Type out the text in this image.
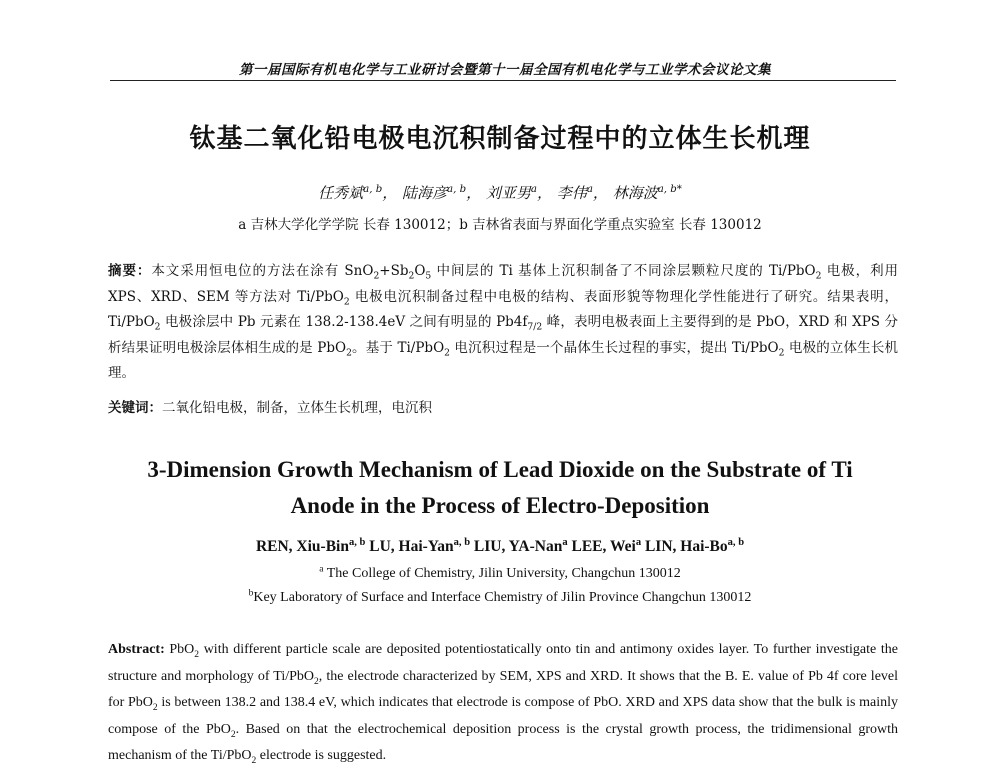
第一届国际有机电化学与工业研讨会暨第十一届全国有机电化学与工业学术会议论文集
钛基二氧化铅电极电沉积制备过程中的立体生长机理
任秀斌$^{a, b}$， 陆海彦$^{a, b}$， 刘亚男$^a$， 李伟$^a$， 林海波$^{a, b*}$
a 吉林大学化学学院 长春 130012；b 吉林省表面与界面化学重点实验室 长春 130012
摘要：本文采用恒电位的方法在涂有 $SnO_2+Sb_2O_5$ 中间层的 Ti 基体上沉积制备了不同涂层颗粒尺度的 Ti/PbO$_2$ 电极，利用 XPS、XRD、SEM 等方法对 Ti/PbO$_2$ 电极电沉积制备过程中电极的结构、表面形貌等物理化学性能进行了研究。结果表明，Ti/PbO$_2$ 电极涂层中 Pb 元素在 138.2-138.4eV 之间有明显的 $Pb4f_{7/2}$ 峰，表明电极表面上主要得到的是 PbO，XRD 和 XPS 分析结果证明电极涂层体相生成的是 PbO$_2$。基于 Ti/PbO$_2$ 电沉积过程是一个晶体生长过程的事实，提出 Ti/PbO$_2$ 电极的立体生长机理。
关键词：二氧化铅电极，制备，立体生长机理，电沉积
3-Dimension Growth Mechanism of Lead Dioxide on the Substrate of Ti
Anode in the Process of Electro-Deposition
REN, Xiu-Bin$^{a, b}$ LU, Hai-Yan$^{a, b}$ LIU, YA-Nan$^a$ LEE, Wei$^a$ LIN, Hai-Bo$^{a, b}$
$^a$ The College of Chemistry, Jilin University, Changchun 130012
$^b$Key Laboratory of Surface and Interface Chemistry of Jilin Province Changchun 130012
Abstract: PbO$_2$ with different particle scale are deposited potentiostatically onto tin and antimony oxides layer. To further investigate the structure and morphology of Ti/PbO$_2$, the electrode characterized by SEM, XPS and XRD. It shows that the B. E. value of Pb 4f core level for PbO$_2$ is between 138.2 and 138.4 eV, which indicates that electrode is compose of PbO. XRD and XPS data show that the bulk is mainly compose of the PbO$_2$. Based on that the electrochemical deposition process is the crystal growth process, the tridimensional growth mechanism of the Ti/PbO$_2$ electrode is suggested.
